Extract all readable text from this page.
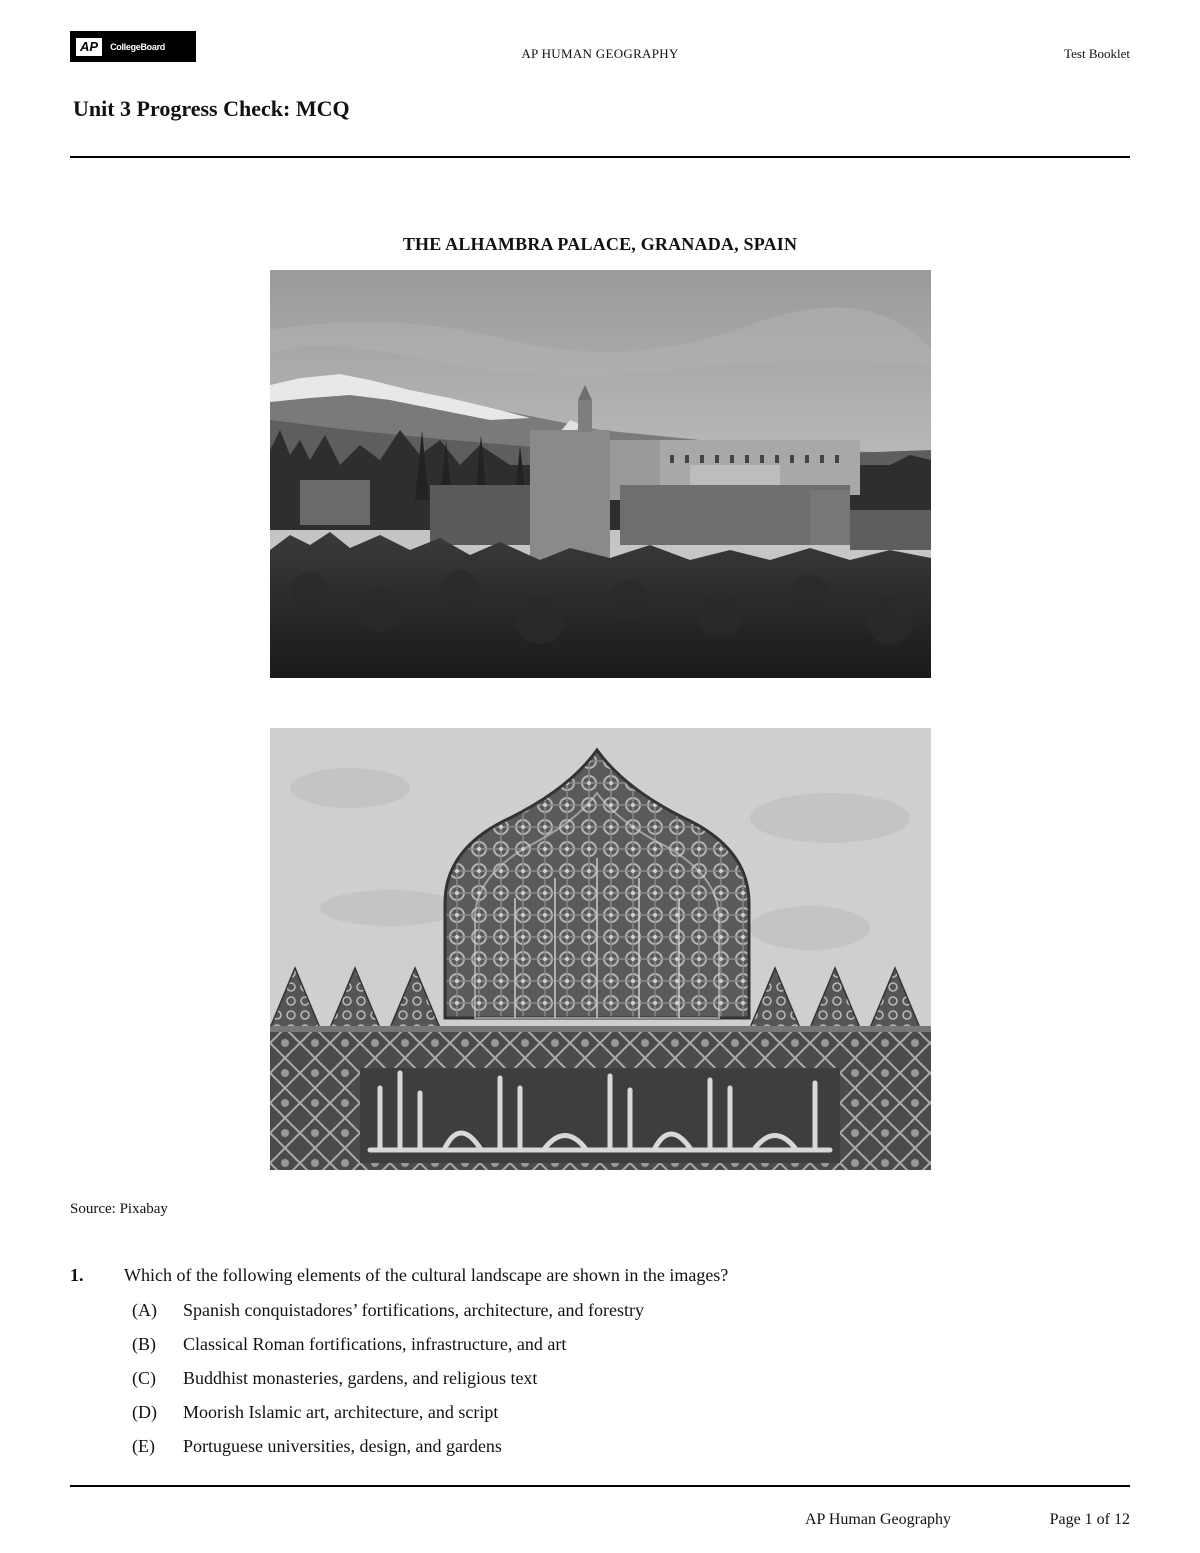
AP	CollegeBoard	AP HUMAN GEOGRAPHY	Test Booklet
Unit 3 Progress Check: MCQ
THE ALHAMBRA PALACE, GRANADA, SPAIN
Source: Pixabay
1.	Which of the following elements of the cultural landscape are shown in the images?
(A)	Spanish conquistadores’ fortifications, architecture, and forestry
(B)	Classical Roman fortifications, infrastructure, and art
(C)	Buddhist monasteries, gardens, and religious text
(D)	Moorish Islamic art, architecture, and script
(E)	Portuguese universities, design, and gardens
AP Human Geography	Page 1 of 12
